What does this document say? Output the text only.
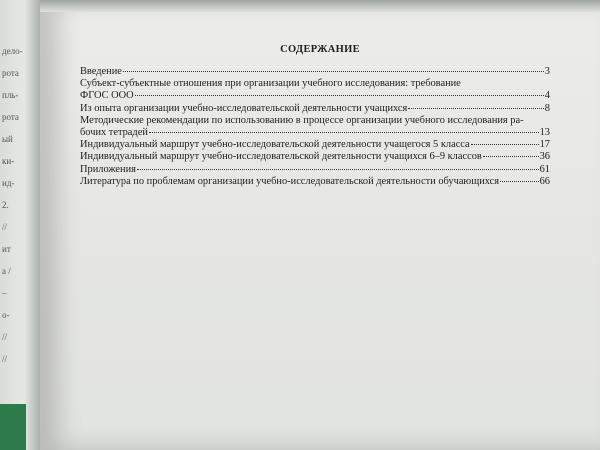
дело-
рота
пль-
рота
ый
ки-
ид-
2.
//
ит
а /
–
о-
//
//
СОДЕРЖАНИЕ
Введение	3
Субъект-субъектные отношения при организации учебного исследования: требование
ФГОС ООО	4
Из опыта организации учебно-исследовательской деятельности учащихся	8
Методические рекомендации по использованию в процессе организации учебного исследования ра-
бочих тетрадей	13
Индивидуальный маршрут учебно-исследовательской деятельности учащегося 5 класса	17
Индивидуальный маршрут учебно-исследовательской деятельности учащихся 6–9 классов	36
Приложения	61
Литература по проблемам организации учебно-исследовательской деятельности обучающихся	66
